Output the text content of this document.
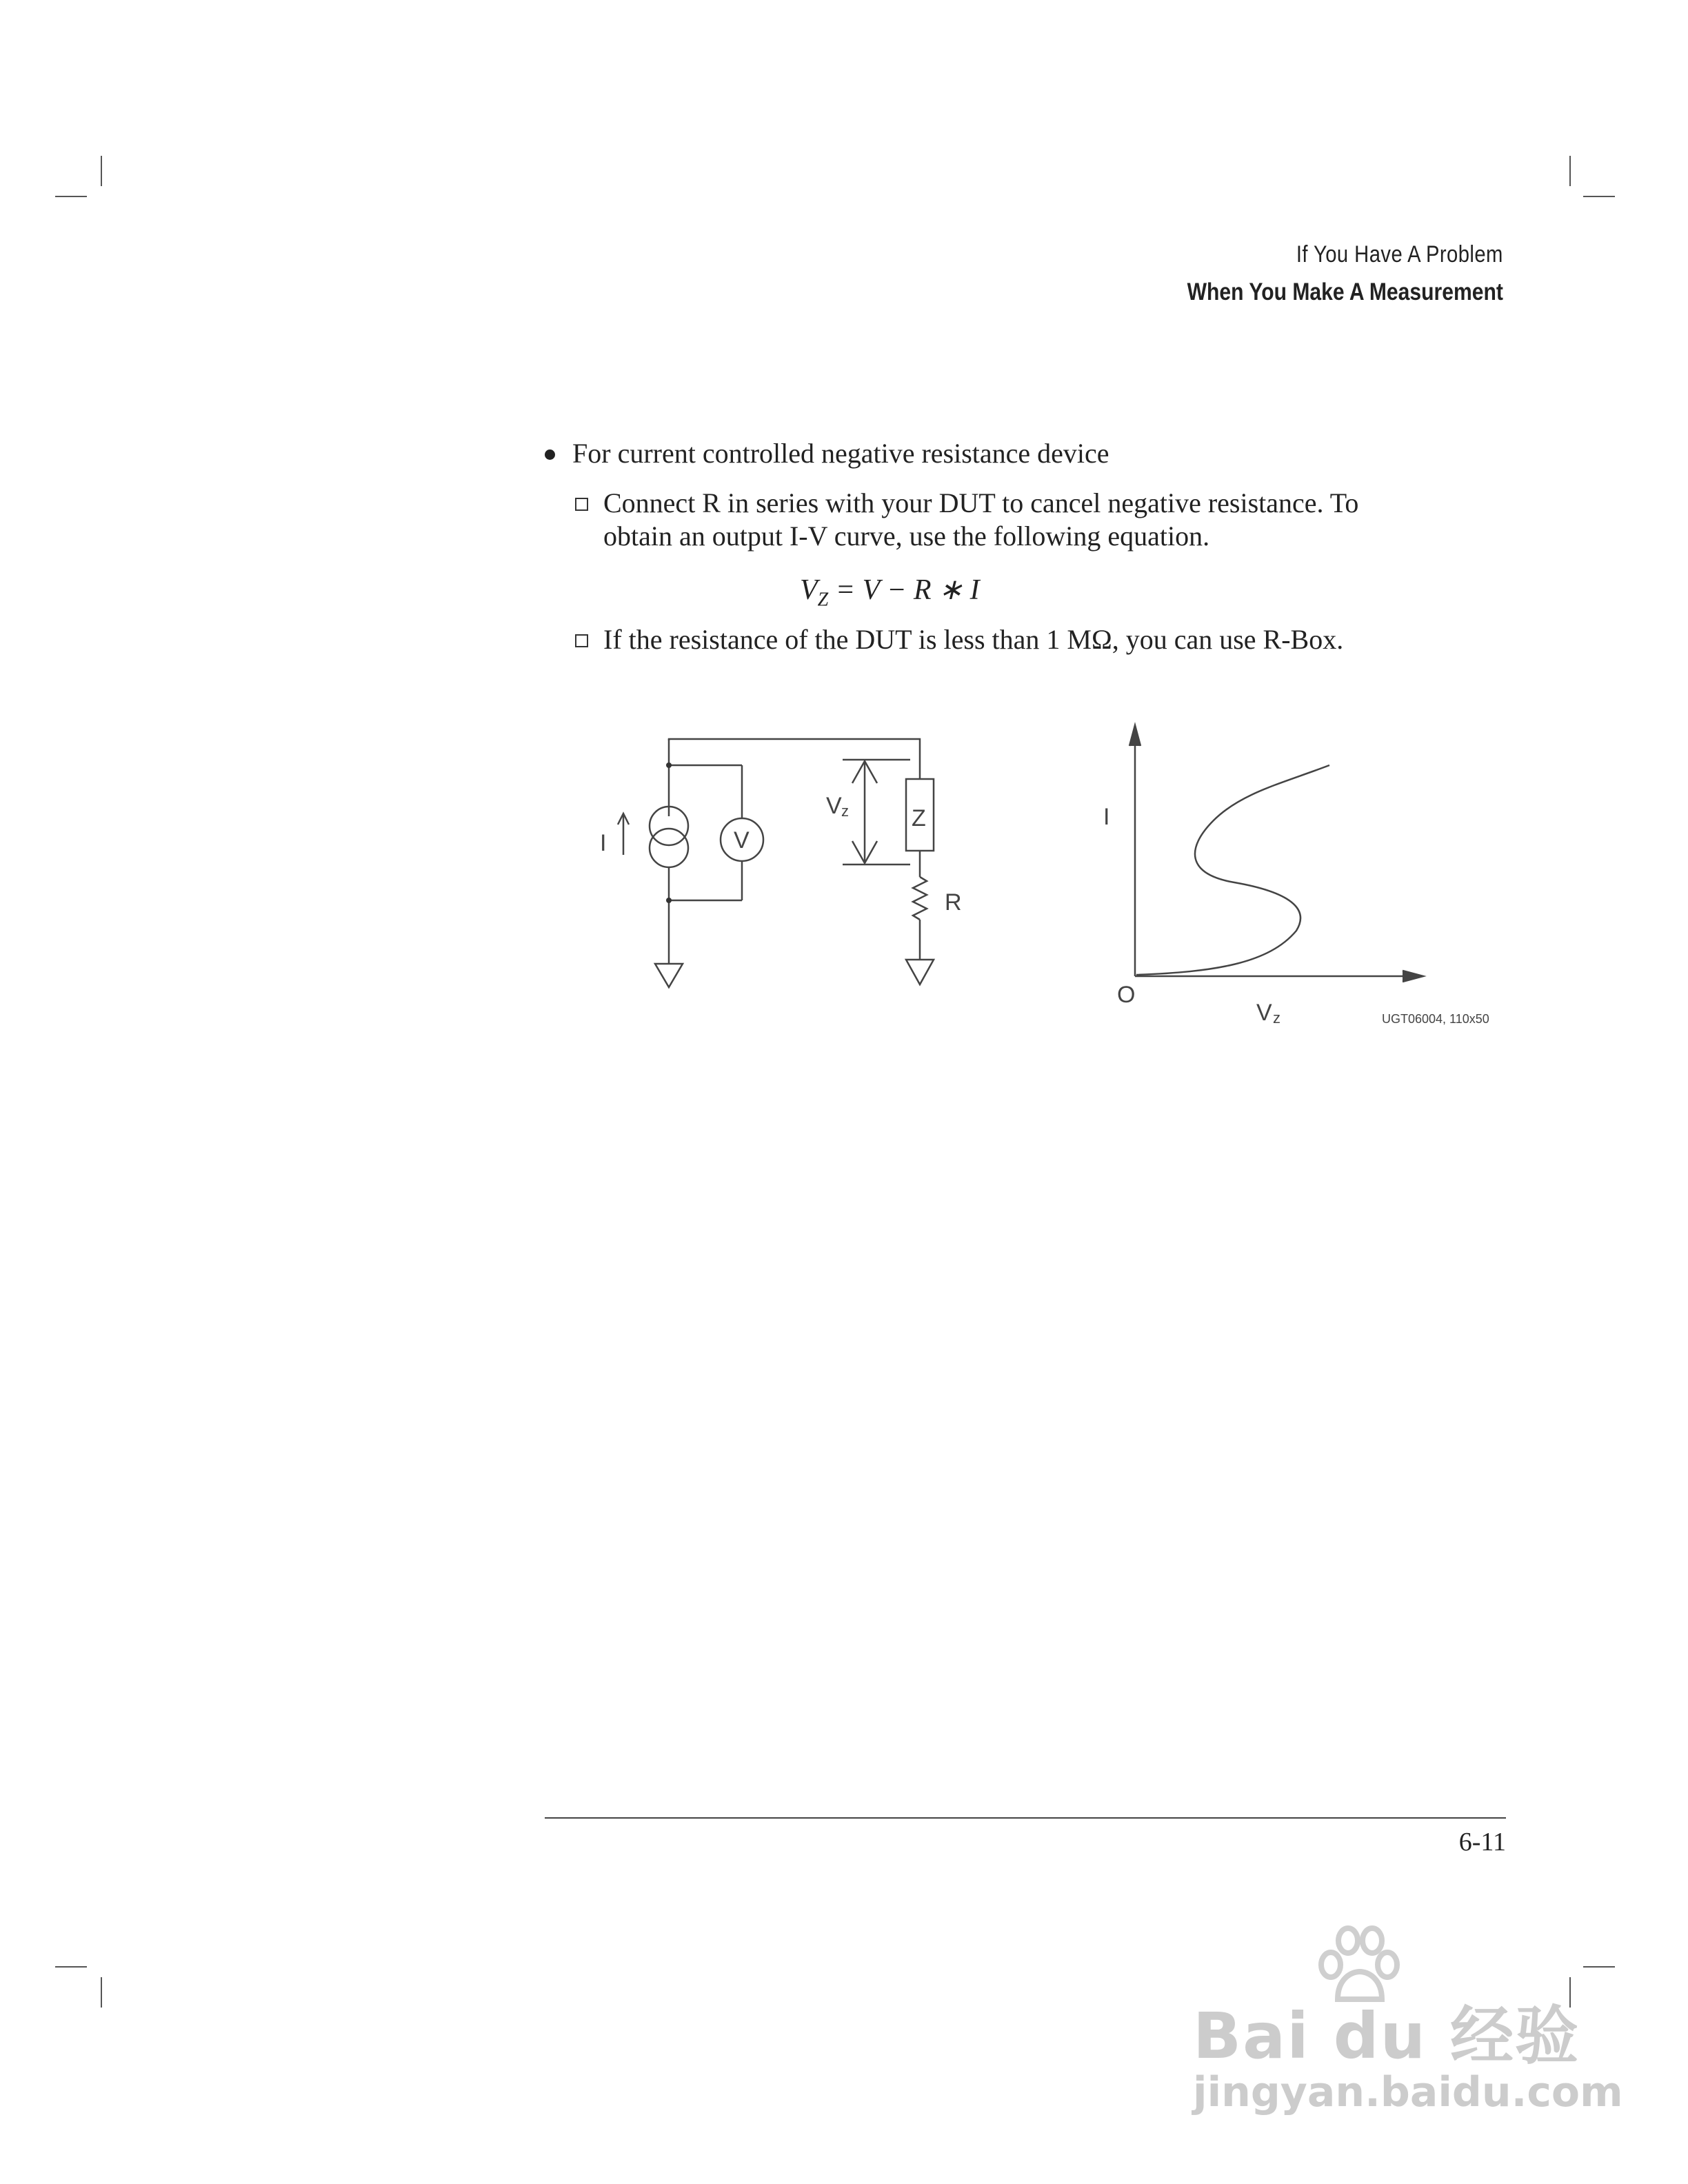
If You Have A Problem
When You Make A Measurement
For current controlled negative resistance device
Connect R in series with your DUT to cancel negative resistance. To
obtain an output I-V curve, use the following equation.
$V_Z = V - R$ ∗ I
If the resistance of the DUT is less than 1 MΩ, you can use R-Box.
I	V
V z	Z
R
I
O
V z	UGT06004, 110x50
6-11
Bai du 经验
jingyan.baidu.com
